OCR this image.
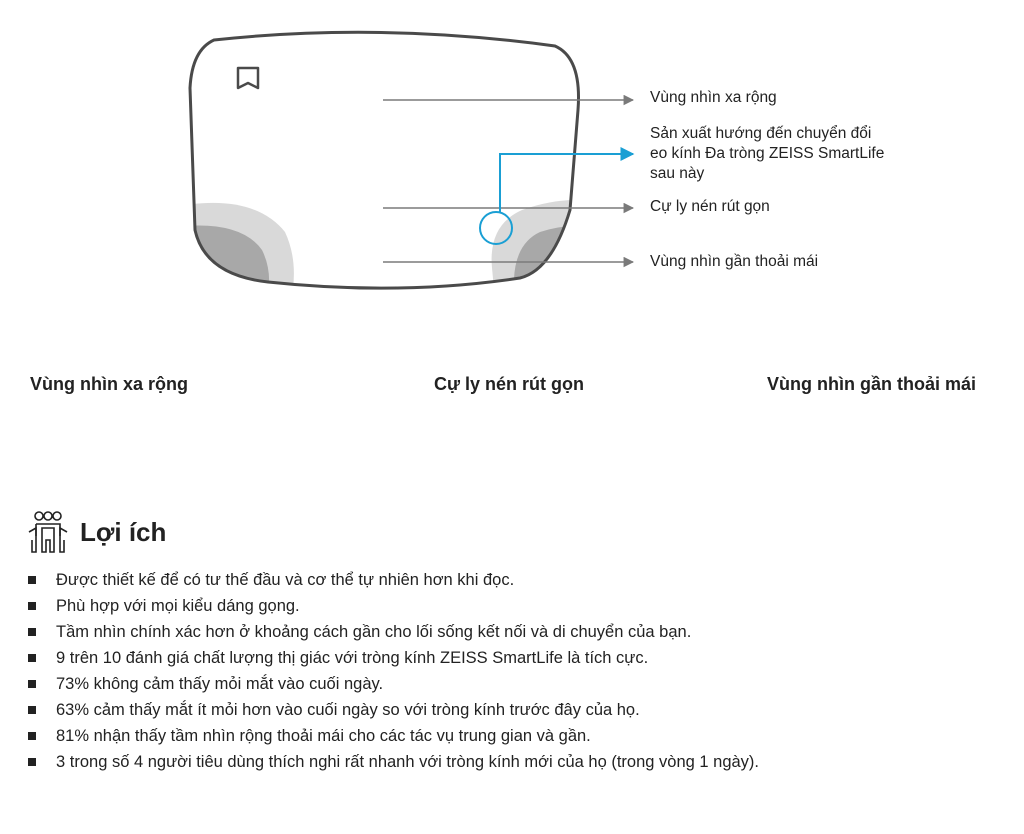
Vùng nhìn xa rộng
Sản xuất hướng đến chuyển đổi
eo kính Đa tròng ZEISS SmartLife
sau này
Cự ly nén rút gọn
Vùng nhìn gần thoải mái
Vùng nhìn xa rộng	Cự ly nén rút gọn	Vùng nhìn gần thoải mái
Lợi ích
Được thiết kế để có tư thế đầu và cơ thể tự nhiên hơn khi đọc.
Phù hợp với mọi kiểu dáng gọng.
Tầm nhìn chính xác hơn ở khoảng cách gần cho lối sống kết nối và di chuyển của bạn.
9 trên 10 đánh giá chất lượng thị giác với tròng kính ZEISS SmartLife là tích cực.
73% không cảm thấy mỏi mắt vào cuối ngày.
63% cảm thấy mắt ít mỏi hơn vào cuối ngày so với tròng kính trước đây của họ.
81% nhận thấy tầm nhìn rộng thoải mái cho các tác vụ trung gian và gần.
3 trong số 4 người tiêu dùng thích nghi rất nhanh với tròng kính mới của họ (trong vòng 1 ngày).
